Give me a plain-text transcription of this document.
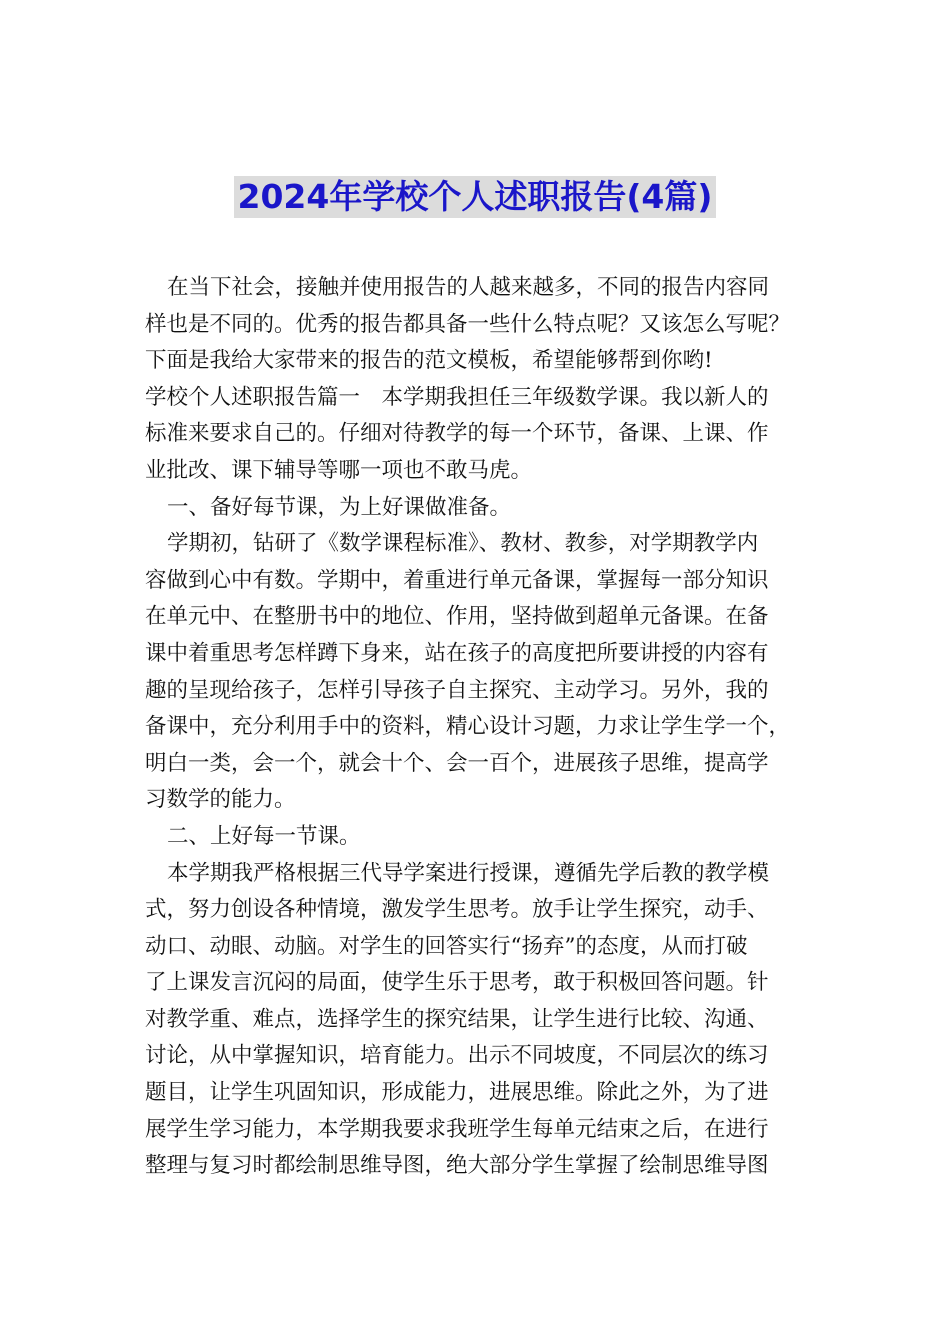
2024年学校个人述职报告(4篇)
在当下社会，接触并使用报告的人越来越多，不同的报告内容同
样也是不同的。优秀的报告都具备一些什么特点呢？又该怎么写呢？
下面是我给大家带来的报告的范文模板，希望能够帮到你哟!
学校个人述职报告篇一　本学期我担任三年级数学课。我以新人的
标准来要求自己的。仔细对待教学的每一个环节，备课、上课、作
业批改、课下辅导等哪一项也不敢马虎。
一、备好每节课，为上好课做准备。
学期初，钻研了《数学课程标准》、教材、教参，对学期教学内
容做到心中有数。学期中，着重进行单元备课，掌握每一部分知识
在单元中、在整册书中的地位、作用，坚持做到超单元备课。在备
课中着重思考怎样蹲下身来，站在孩子的高度把所要讲授的内容有
趣的呈现给孩子，怎样引导孩子自主探究、主动学习。另外，我的
备课中，充分利用手中的资料，精心设计习题，力求让学生学一个，
明白一类，会一个，就会十个、会一百个，进展孩子思维，提高学
习数学的能力。
二、上好每一节课。
本学期我严格根据三代导学案进行授课，遵循先学后教的教学模
式，努力创设各种情境，激发学生思考。放手让学生探究，动手、
动口、动眼、动脑。对学生的回答实行“扬弃”的态度，从而打破
了上课发言沉闷的局面，使学生乐于思考，敢于积极回答问题。针
对教学重、难点，选择学生的探究结果，让学生进行比较、沟通、
讨论，从中掌握知识，培育能力。出示不同坡度，不同层次的练习
题目，让学生巩固知识，形成能力，进展思维。除此之外，为了进
展学生学习能力，本学期我要求我班学生每单元结束之后，在进行
整理与复习时都绘制思维导图，绝大部分学生掌握了绘制思维导图
